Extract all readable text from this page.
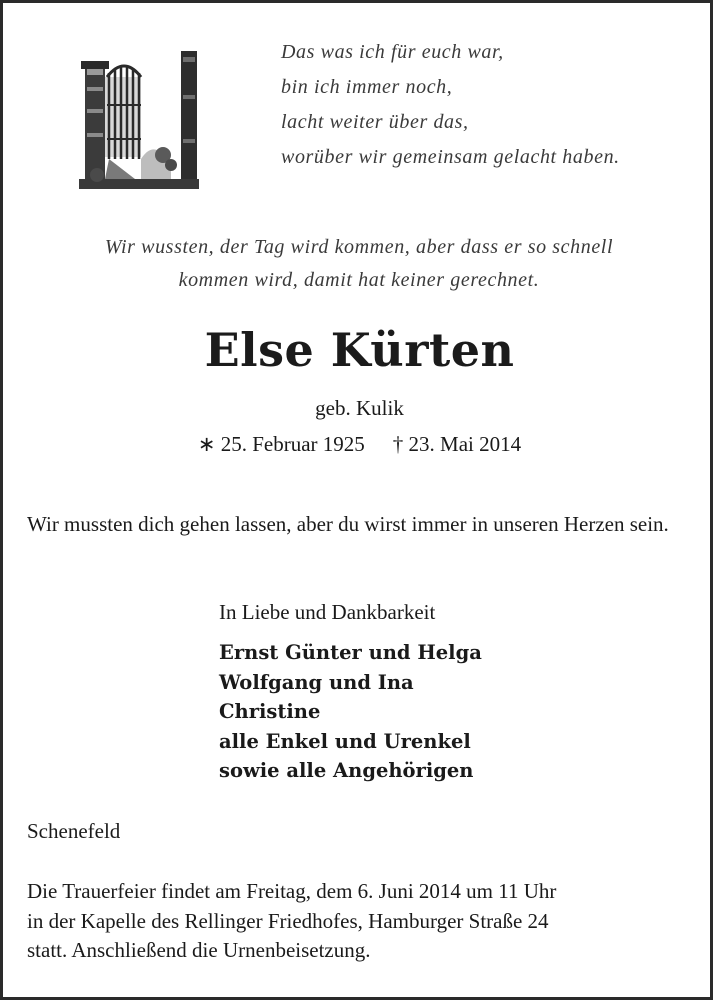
Das was ich für euch war,
bin ich immer noch,
lacht weiter über das,
worüber wir gemeinsam gelacht haben.
Wir wussten, der Tag wird kommen, aber dass er so schnell
kommen wird, damit hat keiner gerechnet.
Else Kürten
geb. Kulik
∗ 25. Februar 1925 † 23. Mai 2014
Wir mussten dich gehen lassen, aber du wirst immer in unseren Herzen sein.
In Liebe und Dankbarkeit
Ernst Günter und Helga
Wolfgang und Ina
Christine
alle Enkel und Urenkel
sowie alle Angehörigen
Schenefeld
Die Trauerfeier findet am Freitag, dem 6. Juni 2014 um 11 Uhr
in der Kapelle des Rellinger Friedhofes, Hamburger Straße 24
statt. Anschließend die Urnenbeisetzung.
